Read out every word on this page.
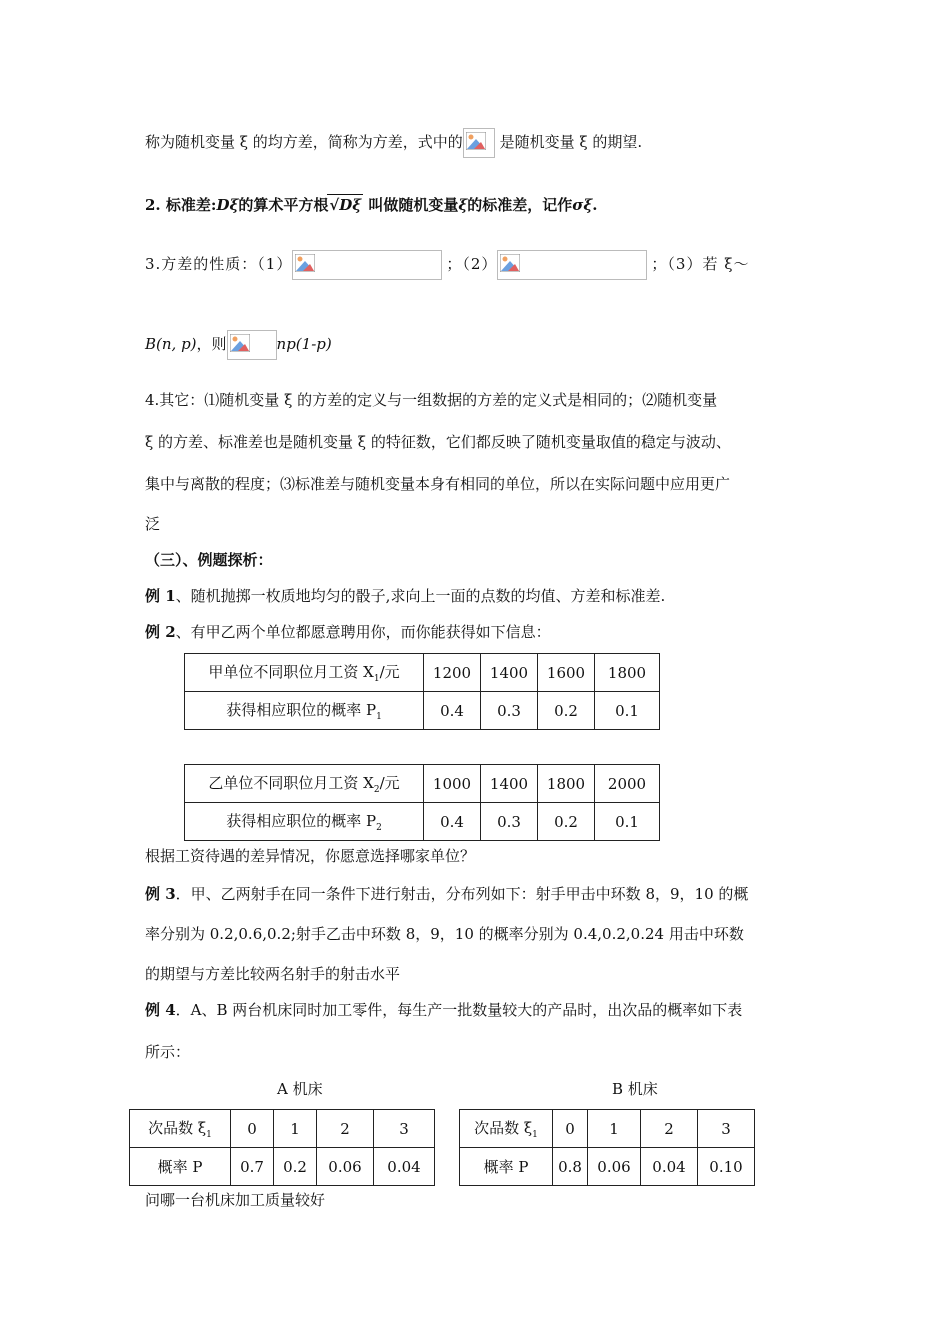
称为随机变量 ξ 的均方差，简称为方差，式中的
是随机变量 ξ 的期望.
2. 标准差:Dξ的算术平方根√Dξ 叫做随机变量ξ的标准差，记作σξ.
3.方差的性质：（1）	；（2）	；（3）若 ξ～
B(n, p)，则	np(1-p)
4.其它：⑴随机变量 ξ 的方差的定义与一组数据的方差的定义式是相同的；⑵随机变量
ξ 的方差、标准差也是随机变量 ξ 的特征数，它们都反映了随机变量取值的稳定与波动、
集中与离散的程度；⑶标准差与随机变量本身有相同的单位，所以在实际问题中应用更广
泛
（三）、例题探析：
例 1、随机抛掷一枚质地均匀的骰子,求向上一面的点数的均值、方差和标准差.
例 2、有甲乙两个单位都愿意聘用你，而你能获得如下信息：
甲单位不同职位月工资 $X_1/$元	1200	1400	1600	1800
获得相应职位的概率 $P_1$	0.4	0.3	0.2	0.1
乙单位不同职位月工资 $X_2/$元	1000	1400	1800	2000
获得相应职位的概率 $P_2$	0.4	0.3	0.2	0.1
根据工资待遇的差异情况，你愿意选择哪家单位？
例 3．甲、乙两射手在同一条件下进行射击，分布列如下：射手甲击中环数 8，9，10 的概
率分别为 0.2,0.6,0.2;射手乙击中环数 8，9，10 的概率分别为 0.4,0.2,0.24 用击中环数
的期望与方差比较两名射手的射击水平
例 4．A、B 两台机床同时加工零件，每生产一批数量较大的产品时，出次品的概率如下表
所示：
A 机床	B 机床
次品数 $\xi_1$	0	1	2	3
概率 P	0.7	0.2	0.06	0.04
次品数 $\xi_1$	0	1	2	3
概率 P	0.8	0.06	0.04	0.10
问哪一台机床加工质量较好
